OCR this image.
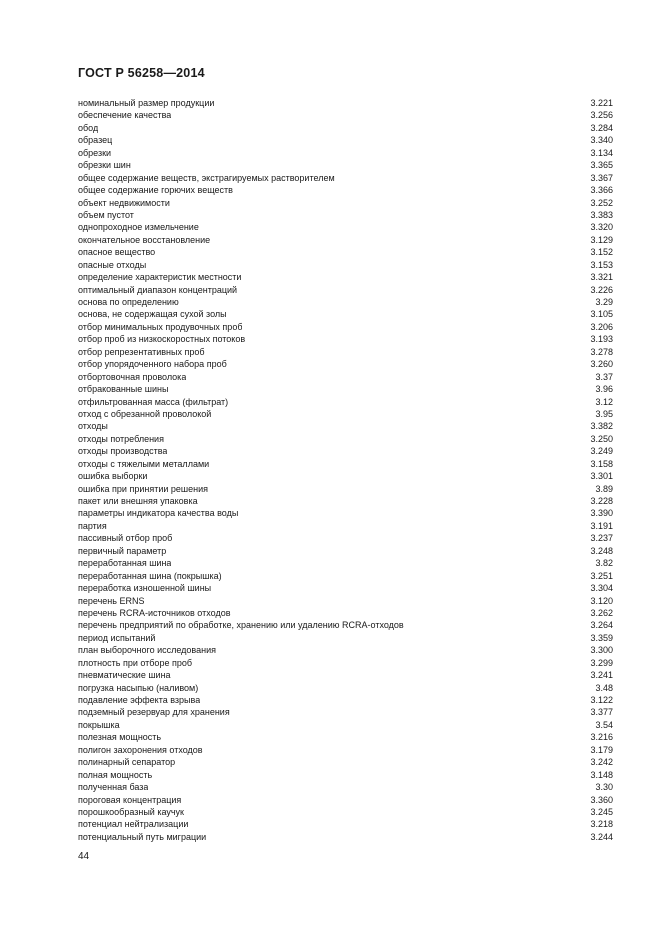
ГОСТ Р 56258—2014
номинальный размер продукции	3.221
обеспечение качества	3.256
обод	3.284
образец	3.340
обрезки	3.134
обрезки шин	3.365
общее содержание веществ, экстрагируемых растворителем	3.367
общее содержание горючих веществ	3.366
объект недвижимости	3.252
объем пустот	3.383
однопроходное измельчение	3.320
окончательное восстановление	3.129
опасное вещество	3.152
опасные отходы	3.153
определение характеристик местности	3.321
оптимальный диапазон концентраций	3.226
основа по определению	3.29
основа, не содержащая сухой золы	3.105
отбор минимальных продувочных проб	3.206
отбор проб из низкоскоростных потоков	3.193
отбор репрезентативных проб	3.278
отбор упорядоченного набора проб	3.260
отбортовочная проволока	3.37
отбракованные шины	3.96
отфильтрованная масса (фильтрат)	3.12
отход с обрезанной проволокой	3.95
отходы	3.382
отходы потребления	3.250
отходы производства	3.249
отходы с тяжелыми металлами	3.158
ошибка выборки	3.301
ошибка при принятии решения	3.89
пакет или внешняя упаковка	3.228
параметры индикатора качества воды	3.390
партия	3.191
пассивный отбор проб	3.237
первичный параметр	3.248
переработанная шина	3.82
переработанная шина (покрышка)	3.251
переработка изношенной шины	3.304
перечень ERNS	3.120
перечень RCRA-источников отходов	3.262
перечень предприятий по обработке, хранению или удалению RCRA-отходов	3.264
период испытаний	3.359
план выборочного исследования	3.300
плотность при отборе проб	3.299
пневматические шина	3.241
погрузка насыпью (наливом)	3.48
подавление эффекта взрыва	3.122
подземный резервуар для хранения	3.377
покрышка	3.54
полезная мощность	3.216
полигон захоронения отходов	3.179
полинарный сепаратор	3.242
полная мощность	3.148
полученная база	3.30
пороговая концентрация	3.360
порошкообразный каучук	3.245
потенциал нейтрализации	3.218
потенциальный путь миграции	3.244
44
